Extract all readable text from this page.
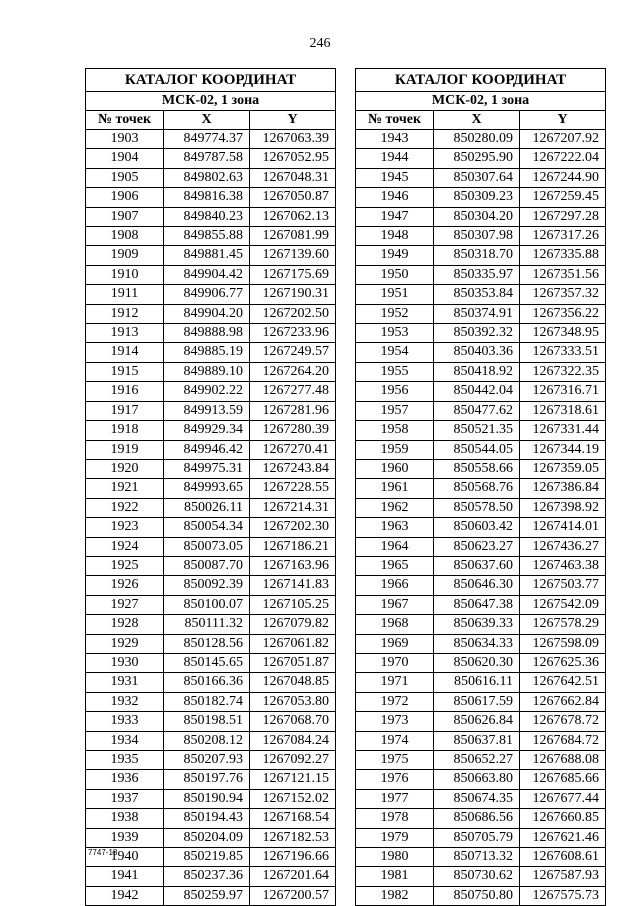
246
КАТАЛОГ КООРДИНАТ		
МСК-02, 1 зона		
№ точек	X	Y
1903	849774.37	1267063.39
1904	849787.58	1267052.95
1905	849802.63	1267048.31
1906	849816.38	1267050.87
1907	849840.23	1267062.13
1908	849855.88	1267081.99
1909	849881.45	1267139.60
1910	849904.42	1267175.69
1911	849906.77	1267190.31
1912	849904.20	1267202.50
1913	849888.98	1267233.96
1914	849885.19	1267249.57
1915	849889.10	1267264.20
1916	849902.22	1267277.48
1917	849913.59	1267281.96
1918	849929.34	1267280.39
1919	849946.42	1267270.41
1920	849975.31	1267243.84
1921	849993.65	1267228.55
1922	850026.11	1267214.31
1923	850054.34	1267202.30
1924	850073.05	1267186.21
1925	850087.70	1267163.96
1926	850092.39	1267141.83
1927	850100.07	1267105.25
1928	850111.32	1267079.82
1929	850128.56	1267061.82
1930	850145.65	1267051.87
1931	850166.36	1267048.85
1932	850182.74	1267053.80
1933	850198.51	1267068.70
1934	850208.12	1267084.24
1935	850207.93	1267092.27
1936	850197.76	1267121.15
1937	850190.94	1267152.02
1938	850194.43	1267168.54
1939	850204.09	1267182.53
1940	850219.85	1267196.66
1941	850237.36	1267201.64
1942	850259.97	1267200.57
КАТАЛОГ КООРДИНАТ		
МСК-02, 1 зона		
№ точек	X	Y
1943	850280.09	1267207.92
1944	850295.90	1267222.04
1945	850307.64	1267244.90
1946	850309.23	1267259.45
1947	850304.20	1267297.28
1948	850307.98	1267317.26
1949	850318.70	1267335.88
1950	850335.97	1267351.56
1951	850353.84	1267357.32
1952	850374.91	1267356.22
1953	850392.32	1267348.95
1954	850403.36	1267333.51
1955	850418.92	1267322.35
1956	850442.04	1267316.71
1957	850477.62	1267318.61
1958	850521.35	1267331.44
1959	850544.05	1267344.19
1960	850558.66	1267359.05
1961	850568.76	1267386.84
1962	850578.50	1267398.92
1963	850603.42	1267414.01
1964	850623.27	1267436.27
1965	850637.60	1267463.38
1966	850646.30	1267503.77
1967	850647.38	1267542.09
1968	850639.33	1267578.29
1969	850634.33	1267598.09
1970	850620.30	1267625.36
1971	850616.11	1267642.51
1972	850617.59	1267662.84
1973	850626.84	1267678.72
1974	850637.81	1267684.72
1975	850652.27	1267688.08
1976	850663.80	1267685.66
1977	850674.35	1267677.44
1978	850686.56	1267660.85
1979	850705.79	1267621.46
1980	850713.32	1267608.61
1981	850730.62	1267587.93
1982	850750.80	1267575.73
7747-18
